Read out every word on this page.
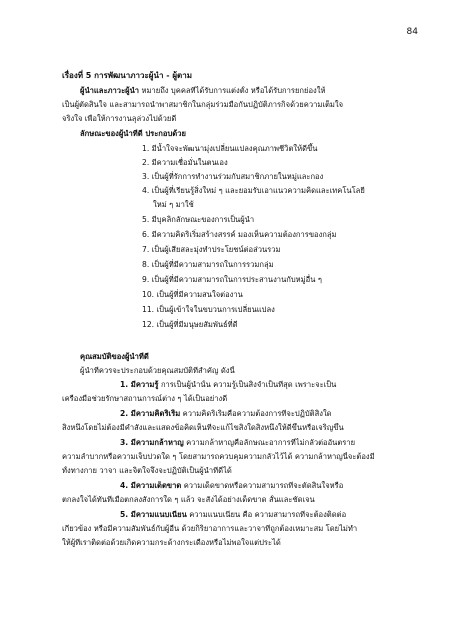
84
เรื่องที่ 5 การพัฒนาภาวะผู้นำ - ผู้ตาม
ผู้นำและภาวะผู้นำ หมายถึง บุคคลที่ได้รับการแต่งตั้ง หรือได้รับการยกย่องให้
เป็นผู้ตัดสินใจ และสามารถนำพาสมาชิกในกลุ่มร่วมมือกันปฏิบัติภารกิจด้วยความเต็มใจ
จริงใจ เพื่อให้การงานลุล่วงไปด้วยดี
ลักษณะของผู้นำที่ดี ประกอบด้วย
1. มีน้ำใจจะพัฒนามุ่งเปลี่ยนแปลงคุณภาพชีวิตให้ดีขึ้น
2. มีความเชื่อมั่นในตนเอง
3. เป็นผู้ที่รักการทำงานร่วมกับสมาชิกภายในหมู่และกอง
4. เป็นผู้ที่เรียนรู้สิ่งใหม่ ๆ และยอมรับเอาแนวความคิดและเทคโนโลยี
ใหม่ ๆ มาใช้
5. มีบุคลิกลักษณะของการเป็นผู้นำ
6. มีความคิดริเริ่มสร้างสรรค์ มองเห็นความต้องการของกลุ่ม
7. เป็นผู้เสียสละมุ่งทำประโยชน์ต่อส่วนรวม
8. เป็นผู้ที่มีความสามารถในการรวมกลุ่ม
9. เป็นผู้ที่มีความสามารถในการประสานงานกับหมู่อื่น ๆ
10. เป็นผู้ที่มีความสนใจต่องาน
11. เป็นผู้เข้าใจในขบวนการเปลี่ยนแปลง
12. เป็นผู้ที่มีมนุษยสัมพันธ์ที่ดี
คุณสมบัติของผู้นำที่ดี
ผู้นำที่ควรจะประกอบด้วยคุณสมบัติที่สำคัญ ดังนี้
1. มีความรู้ การเป็นผู้นำนั้น ความรู้เป็นสิ่งจำเป็นที่สุด เพราะจะเป็น
เครื่องมือช่วยรักษาสถานการณ์ต่าง ๆ ได้เป็นอย่างดี
2. มีความคิดริเริ่ม ความคิดริเริ่มคือความต้องการที่จะปฏิบัติสิ่งใด
สิ่งหนึ่งโดยไม่ต้องมีคำสั่งและแสดงข้อคิดเห็นที่จะแก้ไขสิ่งใดสิ่งหนึ่งให้ดีขึ้นหรือเจริญขึ้น
3. มีความกล้าหาญ ความกล้าหาญคือลักษณะอาการที่ไม่กลัวต่ออันตราย
ความลำบากหรือความเจ็บปวดใด ๆ โดยสามารถควบคุมความกลัวไว้ได้ ความกล้าหาญนี้จะต้องมี
ทั้งทางกาย วาจา และจิตใจจึงจะปฏิบัติเป็นผู้นำที่ดีได้
4. มีความเด็ดขาด ความเด็ดขาดหรือความสามารถที่จะตัดสินใจหรือ
ตกลงใจได้ทันทีเมื่อตกลงสั่งการใด ๆ แล้ว จะสั่งได้อย่างเด็ดขาด สั้นและชัดเจน
5. มีความแนบเนียน ความแนบเนียน คือ ความสามารถที่จะต้องติดต่อ
เกี่ยวข้อง หรือมีความสัมพันธ์กับผู้อื่น ด้วยกิริยาอาการและวาจาที่ถูกต้องเหมาะสม โดยไม่ทำ
ให้ผู้ที่เราติดต่อด้วยเกิดความกระด้างกระเดื่องหรือไม่พอใจแต่ประได้
